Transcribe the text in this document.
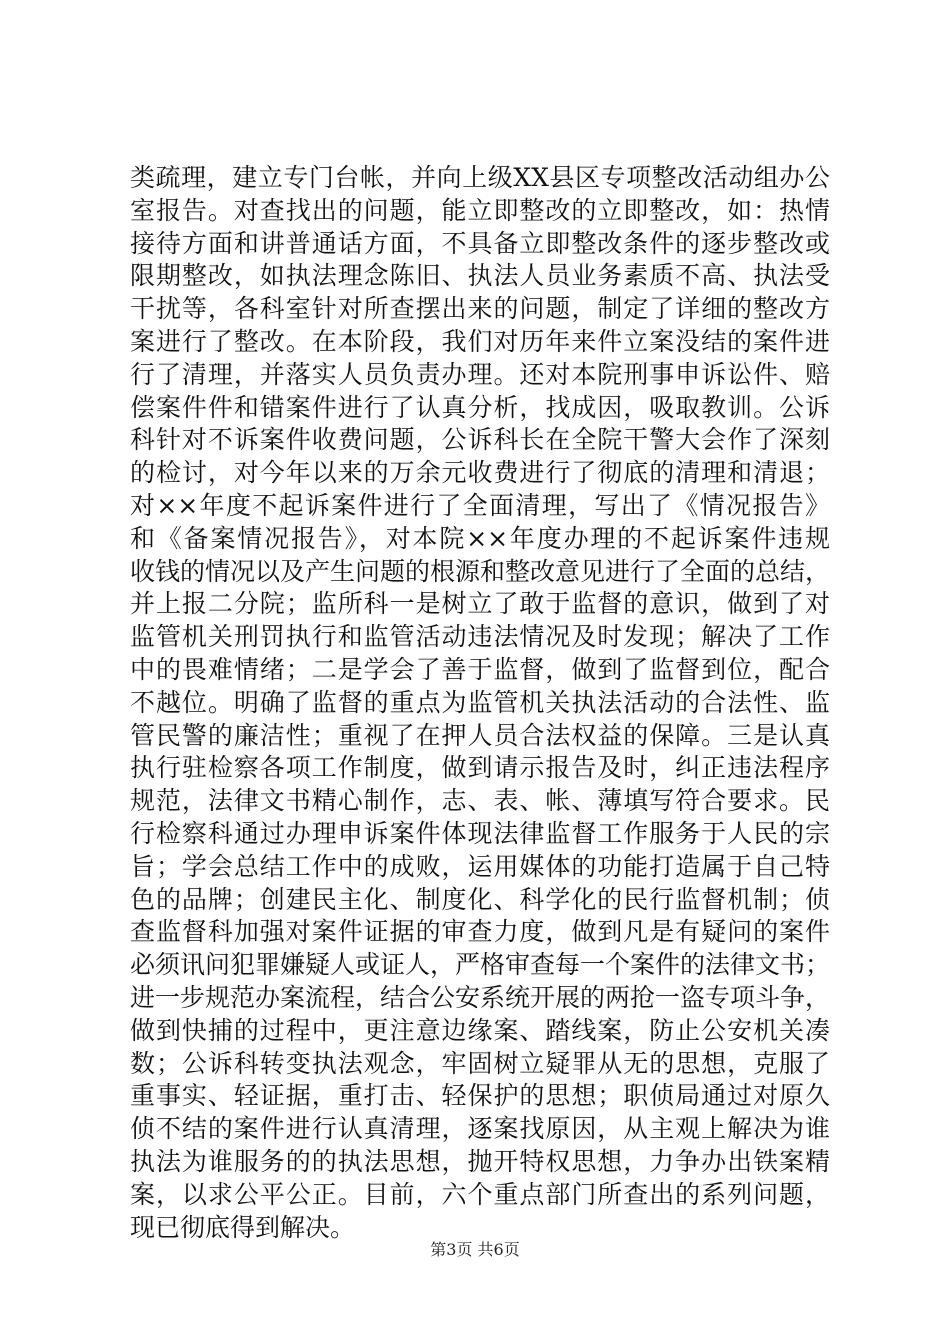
类疏理，建立专门台帐，并向上级XX县区专项整改活动组办公
室报告。对查找出的问题，能立即整改的立即整改，如：热情
接待方面和讲普通话方面，不具备立即整改条件的逐步整改或
限期整改，如执法理念陈旧、执法人员业务素质不高、执法受
干扰等，各科室针对所查摆出来的问题，制定了详细的整改方
案进行了整改。在本阶段，我们对历年来件立案没结的案件进
行了清理，并落实人员负责办理。还对本院刑事申诉讼件、赔
偿案件件和错案件进行了认真分析，找成因，吸取教训。公诉
科针对不诉案件收费问题，公诉科长在全院干警大会作了深刻
的检讨，对今年以来的万余元收费进行了彻底的清理和清退；
对××年度不起诉案件进行了全面清理，写出了《情况报告》
和《备案情况报告》，对本院××年度办理的不起诉案件违规
收钱的情况以及产生问题的根源和整改意见进行了全面的总结，
并上报二分院；监所科一是树立了敢于监督的意识，做到了对
监管机关刑罚执行和监管活动违法情况及时发现；解决了工作
中的畏难情绪；二是学会了善于监督，做到了监督到位，配合
不越位。明确了监督的重点为监管机关执法活动的合法性、监
管民警的廉洁性；重视了在押人员合法权益的保障。三是认真
执行驻检察各项工作制度，做到请示报告及时，纠正违法程序
规范，法律文书精心制作，志、表、帐、薄填写符合要求。民
行检察科通过办理申诉案件体现法律监督工作服务于人民的宗
旨；学会总结工作中的成败，运用媒体的功能打造属于自己特
色的品牌；创建民主化、制度化、科学化的民行监督机制；侦
查监督科加强对案件证据的审查力度，做到凡是有疑问的案件
必须讯问犯罪嫌疑人或证人，严格审查每一个案件的法律文书；
进一步规范办案流程，结合公安系统开展的两抢一盗专项斗争，
做到快捕的过程中，更注意边缘案、踏线案，防止公安机关凑
数；公诉科转变执法观念，牢固树立疑罪从无的思想，克服了
重事实、轻证据，重打击、轻保护的思想；职侦局通过对原久
侦不结的案件进行认真清理，逐案找原因，从主观上解决为谁
执法为谁服务的的执法思想，抛开特权思想，力争办出铁案精
案，以求公平公正。目前，六个重点部门所查出的系列问题，
现已彻底得到解决。
第3页 共6页
